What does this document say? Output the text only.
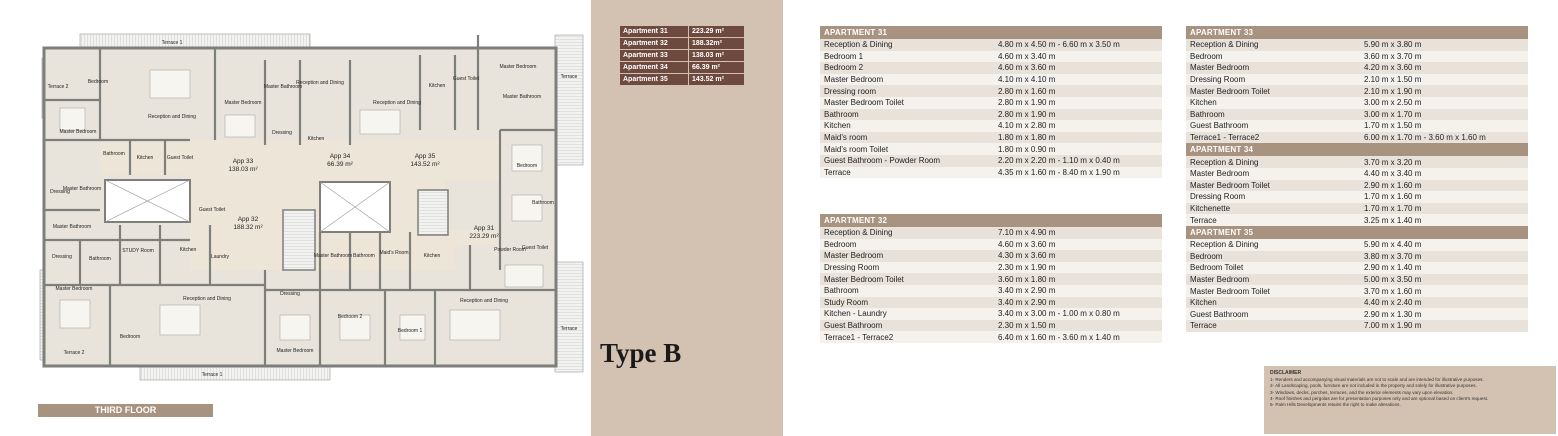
Terrace 1
Terrace 2
Bedroom
Reception and Dining
Master Bedroom
Master Bedroom
Master Bathroom
Reception and Dining
Dressing
Kitchen
Reception and Dining
Kitchen
Guest Toilet
Master Bedroom
Master Bathroom
Terrace
Bedroom
Bathroom
Bathroom
Kitchen	Guest Toilet
Dressing
Master Bathroom
Guest Toilet
App 33
138.03 m²
App 34
66.39 m²
App 35
143.52 m²
App 32
188.32 m²	App 31
223.29 m²
Master Bathroom
Dressing	Bathroom
STUDY Room	Kitchen
Laundry	Master Bathroom Bathroom Maid's Room	Kitchen
Powder Room
Guest Toilet
Master Bedroom
Bedroom
Reception and Dining
Dressing
Master Bedroom
Bedroom 2
Bedroom 1
Reception and Dining
Terrace
Terrace 2
Terrace 1
THIRD FLOOR
Apartment 31	223.29 m²
Apartment 32	188.32m²
Apartment 33	138.03 m²
Apartment 34	66.39 m²
Apartment 35	143.52 m²
Type B
APARTMENT 31	
Reception & Dining	4.80 m x 4.50 m - 6.60 m x 3.50 m
Bedroom 1	4.60 m x 3.40 m
Bedroom 2	4.60 m x 3.60 m
Master Bedroom	4.10 m x 4.10 m
Dressing room	2.80 m x 1.60 m
Master Bedroom Toilet	2.80 m x 1.90 m
Bathroom	2.80 m x 1.90 m
Kitchen	4.10 m x 2.80 m
Maid's room	1.80 m x 1.80 m
Maid's room Toilet	1.80 m x 0.90 m
Guest Bathroom - Powder Room	2.20 m x 2.20 m - 1.10 m x 0.40 m
Terrace	4.35 m x 1.60 m - 8.40 m x 1.90 m
APARTMENT 32	
Reception & Dining	7.10 m x 4.90 m
Bedroom	4.60 m x 3.60 m
Master Bedroom	4.30 m x 3.60 m
Dressing Room	2.30 m x 1.90 m
Master Bedroom Toilet	3.60 m x 1.80 m
Bathroom	3.40 m x 2.90 m
Study Room	3.40 m x 2.90 m
Kitchen - Laundry	3.40 m x 3.00 m - 1.00 m x 0.80 m
Guest Bathroom	2.30 m x 1.50 m
Terrace1 - Terrace2	6.40 m x 1.60 m - 3.60 m x 1.40 m
APARTMENT 33	
Reception & Dining	5.90 m x 3.80 m
Bedroom	3.60 m x 3.70 m
Master Bedroom	4.20 m x 3.60 m
Dressing Room	2.10 m x 1.50 m
Master Bedroom Toilet	2.10 m x 1.90 m
Kitchen	3.00 m x 2.50 m
Bathroom	3.00 m x 1.70 m
Guest Bathroom	1.70 m x 1.50 m
Terrace1 - Terrace2	6.00 m x 1.70 m - 3.60 m x 1.60 m
APARTMENT 34	
Reception & Dining	3.70 m x 3.20 m
Master Bedroom	4.40 m x 3.40 m
Master Bedroom Toilet	2.90 m x 1.60 m
Dressing Room	1.70 m x 1.60 m
Kitchenette	1.70 m x 1.70 m
Terrace	3.25 m x 1.40 m
APARTMENT 35	
Reception & Dining	5.90 m x 4.40 m
Bedroom	3.80 m x 3.70 m
Bedroom Toilet	2.90 m x 1.40 m
Master Bedroom	5.00 m x 3.50 m
Master Bedroom Toilet	3.70 m x 1.60 m
Kitchen	4.40 m x 2.40 m
Guest Bathroom	2.90 m x 1.30 m
Terrace	7.00 m x 1.90 m
DISCLAIMER
1- Renders and accompanying visual materials are not to scale and are intended for illustrative purposes.
2- All Landscaping, pools, furniture are not included in the property and solely for illustrative purposes.
3- Windows, decks, porches, terraces, and the exterior elements may vary upon elevation.
4- Roof finishes and pergolas are for presentation purposes only and are optional based on client's request.
5- Palm Hills Developments retains the right to make alterations.
